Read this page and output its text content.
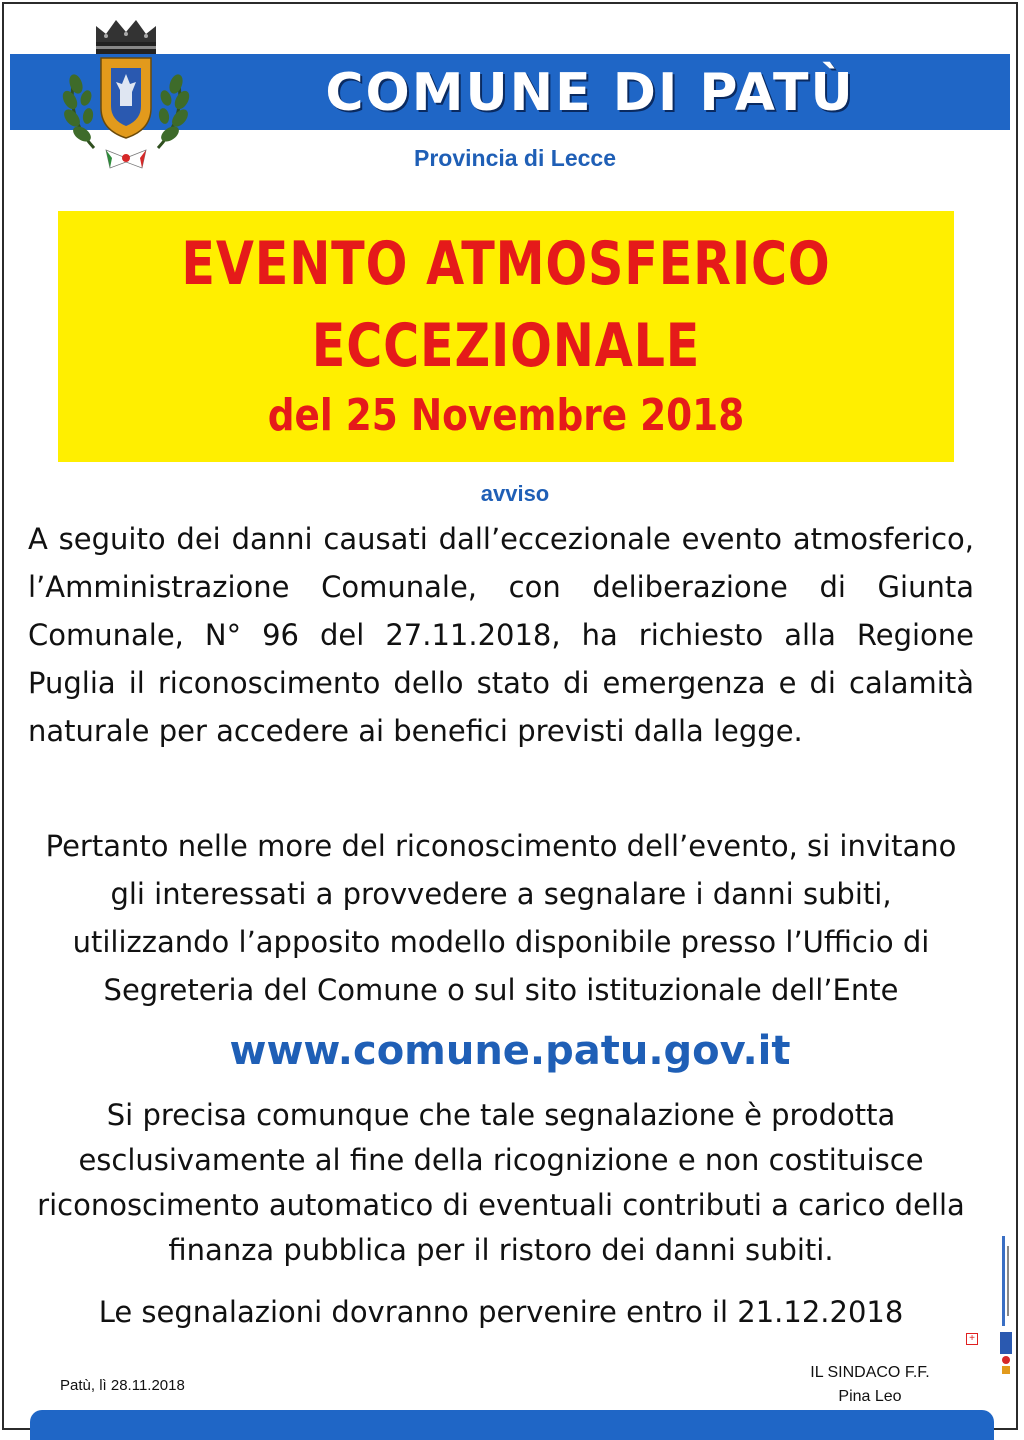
COMUNE DI PATÙ
Provincia di Lecce
EVENTO ATMOSFERICO
ECCEZIONALE
del 25 Novembre 2018
avviso

A seguito dei danni causati dall’eccezionale evento atmosferico, l’Amministrazione Comunale, con deliberazione di Giunta Comunale, N° 96 del 27.11.2018, ha richiesto alla Regione Puglia il riconoscimento dello stato di emergenza e di calamità naturale per accedere ai benefici previsti dalla legge.

Pertanto nelle more del riconoscimento dell’evento, si invitano gli interessati a provvedere a segnalare i danni subiti, utilizzando l’apposito modello disponibile presso l’Ufficio di Segreteria del Comune o sul sito istituzionale dell’Ente

www.comune.patu.gov.it

Si precisa comunque che tale segnalazione è prodotta esclusivamente al fine della ricognizione e non costituisce riconoscimento automatico di eventuali contributi a carico della finanza pubblica per il ristoro dei danni subiti.

Le segnalazioni dovranno pervenire entro il 21.12.2018

Patù, lì 28.11.2018
IL SINDACO F.F.
Pina Leo
+
